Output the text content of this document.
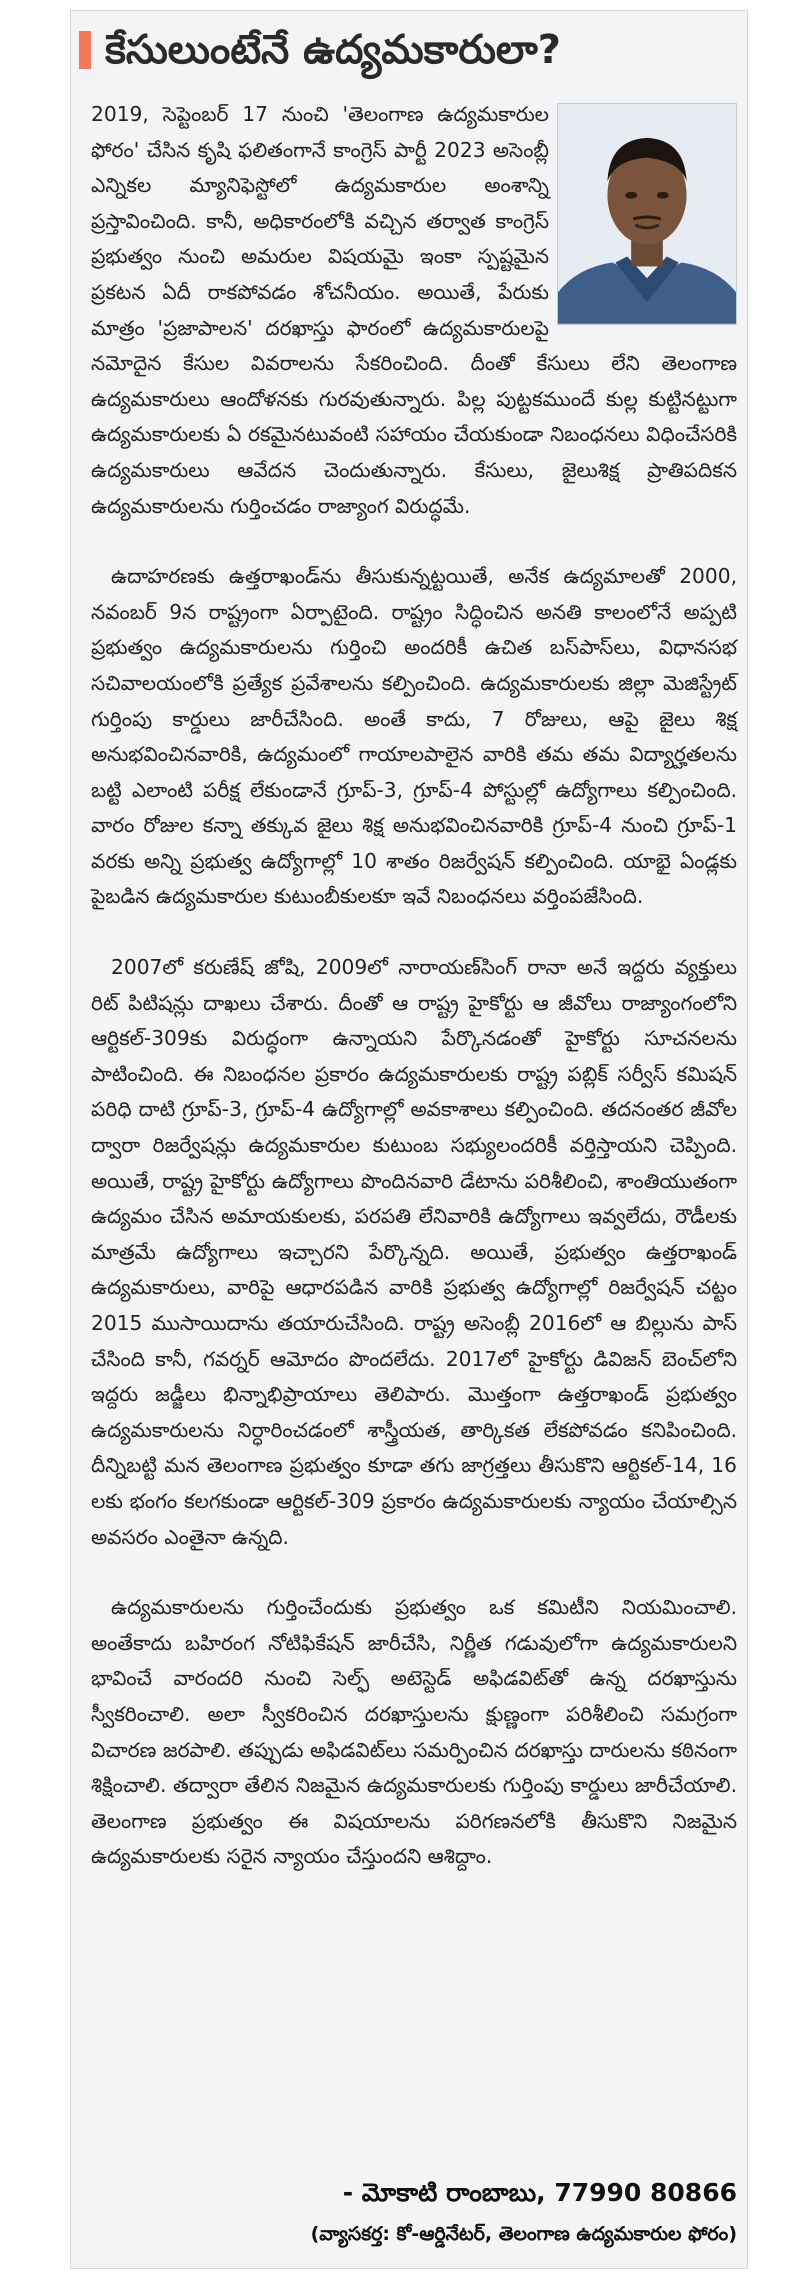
కేసులుంటేనే ఉద్యమకారులా?

2019, సెప్టెంబర్ 17 నుంచి 'తెలంగాణ ఉద్యమకారుల ఫోరం' చేసిన కృషి ఫలితంగానే కాంగ్రెస్ పార్టీ 2023 అసెంబ్లీ ఎన్నికల మ్యానిఫెస్టోలో ఉద్యమకారుల అంశాన్ని ప్రస్తావించింది. కానీ, అధికారంలోకి వచ్చిన తర్వాత కాంగ్రెస్ ప్రభుత్వం నుంచి అమరుల విషయమై ఇంకా స్పష్టమైన ప్రకటన ఏదీ రాకపోవడం శోచనీయం. అయితే, పేరుకు మాత్రం 'ప్రజాపాలన' దరఖాస్తు ఫారంలో ఉద్యమకారులపై నమోదైన కేసుల వివరాలను సేకరించింది. దీంతో కేసులు లేని తెలంగాణ ఉద్యమకారులు ఆందోళనకు గురవుతున్నారు. పిల్ల పుట్టకముందే కుల్ల కుట్టినట్టుగా ఉద్యమకారులకు ఏ రకమైనటువంటి సహాయం చేయకుండా నిబంధనలు విధించేసరికి ఉద్యమకారులు ఆవేదన చెందుతున్నారు. కేసులు, జైలుశిక్ష ప్రాతిపదికన ఉద్యమకారులను గుర్తించడం రాజ్యాంగ విరుద్ధమే.

ఉదాహరణకు ఉత్తరాఖండ్‌ను తీసుకున్నట్టయితే, అనేక ఉద్యమాలతో 2000, నవంబర్ 9న రాష్ట్రంగా ఏర్పాటైంది. రాష్ట్రం సిద్ధించిన అనతి కాలంలోనే అప్పటి ప్రభుత్వం ఉద్యమకారులను గుర్తించి అందరికీ ఉచిత బస్‌పాస్‌లు, విధానసభ సచివాలయంలోకి ప్రత్యేక ప్రవేశాలను కల్పించింది. ఉద్యమకారులకు జిల్లా మెజిస్ట్రేట్ గుర్తింపు కార్డులు జారీచేసింది. అంతే కాదు, 7 రోజులు, ఆపై జైలు శిక్ష అనుభవించినవారికి, ఉద్యమంలో గాయాలపాలైన వారికి తమ తమ విద్యార్హతలను బట్టి ఎలాంటి పరీక్ష లేకుండానే గ్రూప్-3, గ్రూప్-4 పోస్టుల్లో ఉద్యోగాలు కల్పించింది. వారం రోజుల కన్నా తక్కువ జైలు శిక్ష అనుభవించినవారికి గ్రూప్-4 నుంచి గ్రూప్-1 వరకు అన్ని ప్రభుత్వ ఉద్యోగాల్లో 10 శాతం రిజర్వేషన్ కల్పించింది. యాభై ఏండ్లకు పైబడిన ఉద్యమకారుల కుటుంబీకులకూ ఇవే నిబంధనలు వర్తింపజేసింది.

2007లో కరుణేష్ జోషి, 2009లో నారాయణ్‌సింగ్ రానా అనే ఇద్దరు వ్యక్తులు రిట్ పిటిషన్లు దాఖలు చేశారు. దీంతో ఆ రాష్ట్ర హైకోర్టు ఆ జీవోలు రాజ్యాంగంలోని ఆర్టికల్-309కు విరుద్ధంగా ఉన్నాయని పేర్కొనడంతో హైకోర్టు సూచనలను పాటించింది. ఈ నిబంధనల ప్రకారం ఉద్యమకారులకు రాష్ట్ర పబ్లిక్ సర్వీస్ కమిషన్ పరిధి దాటి గ్రూప్-3, గ్రూప్-4 ఉద్యోగాల్లో అవకాశాలు కల్పించింది. తదనంతర జీవోల ద్వారా రిజర్వేషన్లు ఉద్యమకారుల కుటుంబ సభ్యులందరికీ వర్తిస్తాయని చెప్పింది. అయితే, రాష్ట్ర హైకోర్టు ఉద్యోగాలు పొందినవారి డేటాను పరిశీలించి, శాంతియుతంగా ఉద్యమం చేసిన అమాయకులకు, పరపతి లేనివారికి ఉద్యోగాలు ఇవ్వలేదు, రౌడీలకు మాత్రమే ఉద్యోగాలు ఇచ్చారని పేర్కొన్నది. అయితే, ప్రభుత్వం ఉత్తరాఖండ్ ఉద్యమకారులు, వారిపై ఆధారపడిన వారికి ప్రభుత్వ ఉద్యోగాల్లో రిజర్వేషన్ చట్టం 2015 ముసాయిదాను తయారుచేసింది. రాష్ట్ర అసెంబ్లీ 2016లో ఆ బిల్లును పాస్ చేసింది కానీ, గవర్నర్ ఆమోదం పొందలేదు. 2017లో హైకోర్టు డివిజన్ బెంచ్‌లోని ఇద్దరు జడ్జీలు భిన్నాభిప్రాయాలు తెలిపారు. మొత్తంగా ఉత్తరాఖండ్ ప్రభుత్వం ఉద్యమకారులను నిర్ధారించడంలో శాస్త్రీయత, తార్కికత లేకపోవడం కనిపించింది. దీన్నిబట్టి మన తెలంగాణ ప్రభుత్వం కూడా తగు జాగ్రత్తలు తీసుకొని ఆర్టికల్-14, 16 లకు భంగం కలగకుండా ఆర్టికల్-309 ప్రకారం ఉద్యమకారులకు న్యాయం చేయాల్సిన అవసరం ఎంతైనా ఉన్నది.

ఉద్యమకారులను గుర్తించేందుకు ప్రభుత్వం ఒక కమిటీని నియమించాలి. అంతేకాదు బహిరంగ నోటిఫికేషన్ జారీచేసి, నిర్ణీత గడువులోగా ఉద్యమకారులని భావించే వారందరి నుంచి సెల్ఫ్ అటెస్టెడ్ అఫిడవిట్‌తో ఉన్న దరఖాస్తును స్వీకరించాలి. అలా స్వీకరించిన దరఖాస్తులను క్షుణ్ణంగా పరిశీలించి సమగ్రంగా విచారణ జరపాలి. తప్పుడు అఫిడవిట్‌లు సమర్పించిన దరఖాస్తు దారులను కఠినంగా శిక్షించాలి. తద్వారా తేలిన నిజమైన ఉద్యమకారులకు గుర్తింపు కార్డులు జారీచేయాలి. తెలంగాణ ప్రభుత్వం ఈ విషయాలను పరిగణనలోకి తీసుకొని నిజమైన ఉద్యమకారులకు సరైన న్యాయం చేస్తుందని ఆశిద్దాం.

- మోకాటి రాంబాబు, 77990 80866
(వ్యాసకర్త: కో-ఆర్డినేటర్, తెలంగాణ ఉద్యమకారుల ఫోరం)
